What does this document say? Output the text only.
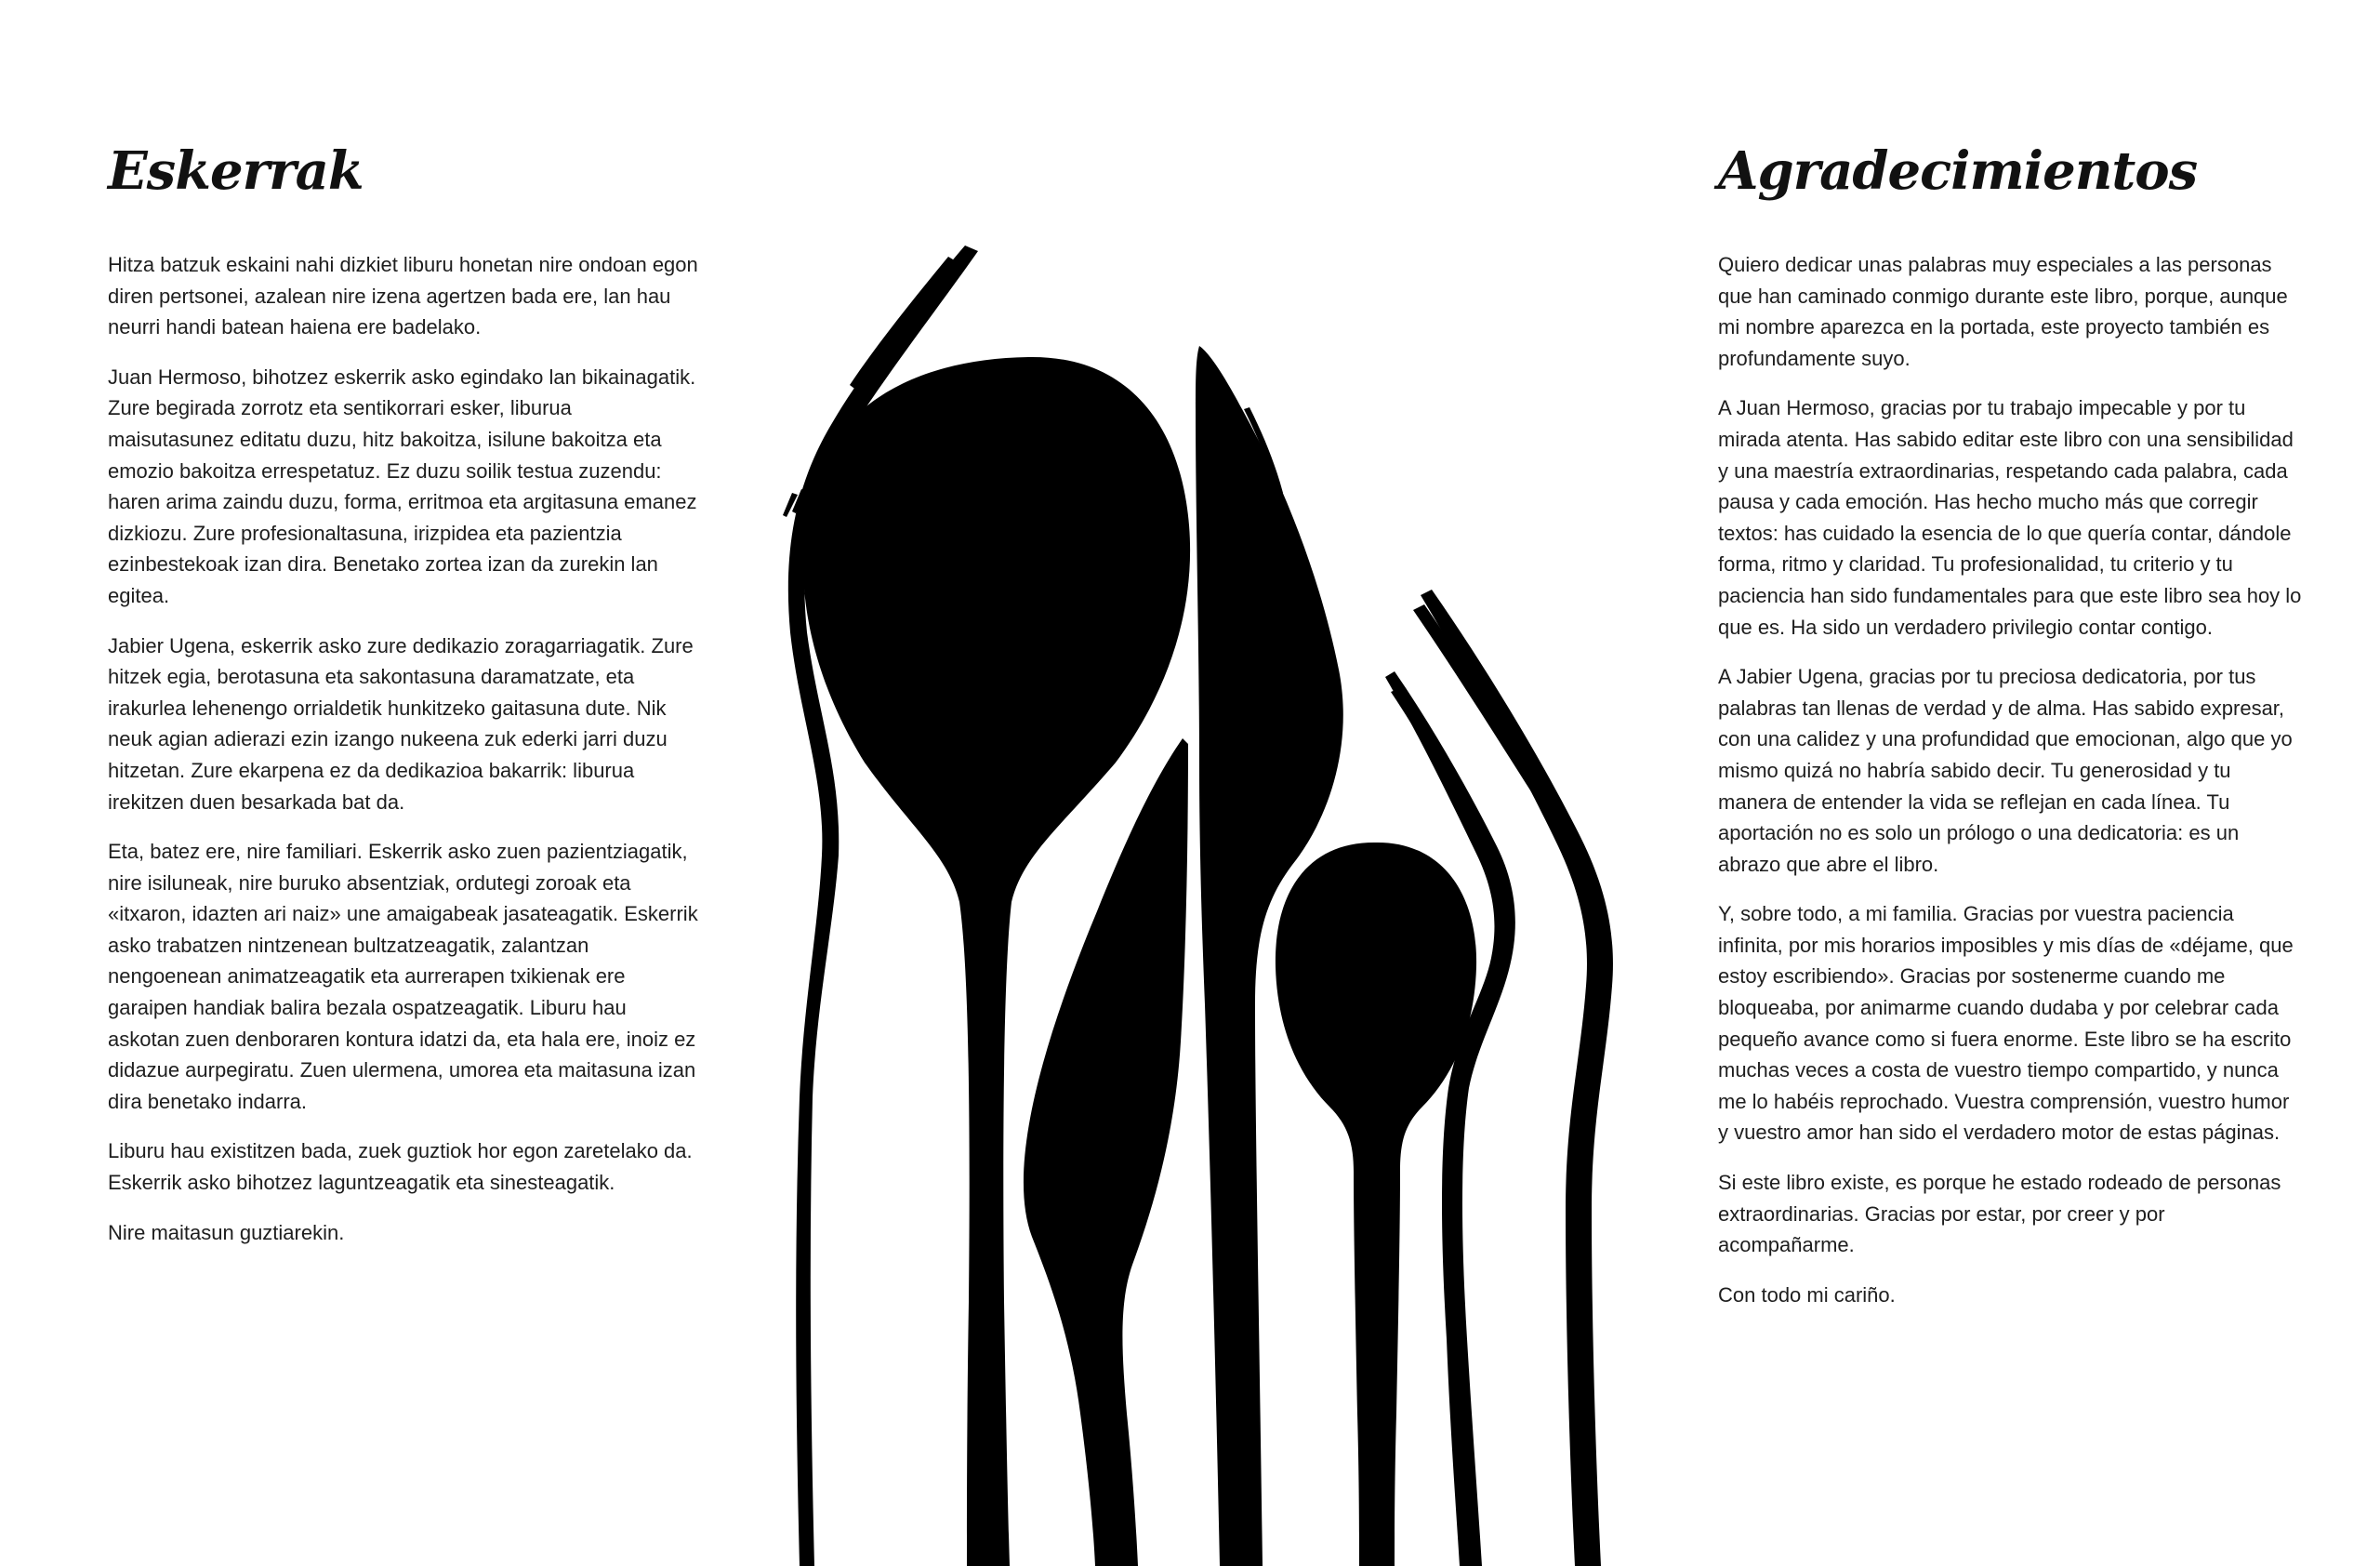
Eskerrak

Hitza batzuk eskaini nahi dizkiet liburu honetan nire ondoan egon diren pertsonei, azalean nire izena agertzen bada ere, lan hau neurri handi batean haiena ere badelako.

Juan Hermoso, bihotzez eskerrik asko egindako lan bikainagatik. Zure begirada zorrotz eta sentikorrari esker, liburua maisutasunez editatu duzu, hitz bakoitza, isilune bakoitza eta emozio bakoitza errespetatuz. Ez duzu soilik testua zuzendu: haren arima zaindu duzu, forma, erritmoa eta argitasuna emanez dizkiozu. Zure profesionaltasuna, irizpidea eta pazientzia ezinbestekoak izan dira. Benetako zortea izan da zurekin lan egitea.

Jabier Ugena, eskerrik asko zure dedikazio zoragarriagatik. Zure hitzek egia, berotasuna eta sakontasuna daramatzate, eta irakurlea lehenengo orrialdetik hunkitzeko gaitasuna dute. Nik neuk agian adierazi ezin izango nukeena zuk ederki jarri duzu hitzetan. Zure ekarpena ez da dedikazioa bakarrik: liburua irekitzen duen besarkada bat da.

Eta, batez ere, nire familiari. Eskerrik asko zuen pazientziagatik, nire isiluneak, nire buruko absentziak, ordutegi zoroak eta «itxaron, idazten ari naiz» une amaigabeak jasateagatik. Eskerrik asko trabatzen nintzenean bultzatzeagatik, zalantzan nengoenean animatzeagatik eta aurrerapen txikienak ere garaipen handiak balira bezala ospatzeagatik. Liburu hau askotan zuen denboraren kontura idatzi da, eta hala ere, inoiz ez didazue aurpegiratu. Zuen ulermena, umorea eta maitasuna izan dira benetako indarra.

Liburu hau existitzen bada, zuek guztiok hor egon zaretelako da. Eskerrik asko bihotzez laguntzeagatik eta sinesteagatik.

Nire maitasun guztiarekin.

Agradecimientos

Quiero dedicar unas palabras muy especiales a las personas que han caminado conmigo durante este libro, porque, aunque mi nombre aparezca en la portada, este proyecto también es profundamente suyo.

A Juan Hermoso, gracias por tu trabajo impecable y por tu mirada atenta. Has sabido editar este libro con una sensibilidad y una maestría extraordinarias, respetando cada palabra, cada pausa y cada emoción. Has hecho mucho más que corregir textos: has cuidado la esencia de lo que quería contar, dándole forma, ritmo y claridad. Tu profesionalidad, tu criterio y tu paciencia han sido fundamentales para que este libro sea hoy lo que es. Ha sido un verdadero privilegio contar contigo.

A Jabier Ugena, gracias por tu preciosa dedicatoria, por tus palabras tan llenas de verdad y de alma. Has sabido expresar, con una calidez y una profundidad que emocionan, algo que yo mismo quizá no habría sabido decir. Tu generosidad y tu manera de entender la vida se reflejan en cada línea. Tu aportación no es solo un prólogo o una dedicatoria: es un abrazo que abre el libro.

Y, sobre todo, a mi familia. Gracias por vuestra paciencia infinita, por mis horarios imposibles y mis días de «déjame, que estoy escribiendo». Gracias por sostenerme cuando me bloqueaba, por animarme cuando dudaba y por celebrar cada pequeño avance como si fuera enorme. Este libro se ha escrito muchas veces a costa de vuestro tiempo compartido, y nunca me lo habéis reprochado. Vuestra comprensión, vuestro humor y vuestro amor han sido el verdadero motor de estas páginas.

Si este libro existe, es porque he estado rodeado de personas extraordinarias. Gracias por estar, por creer y por acompañarme.

Con todo mi cariño.
